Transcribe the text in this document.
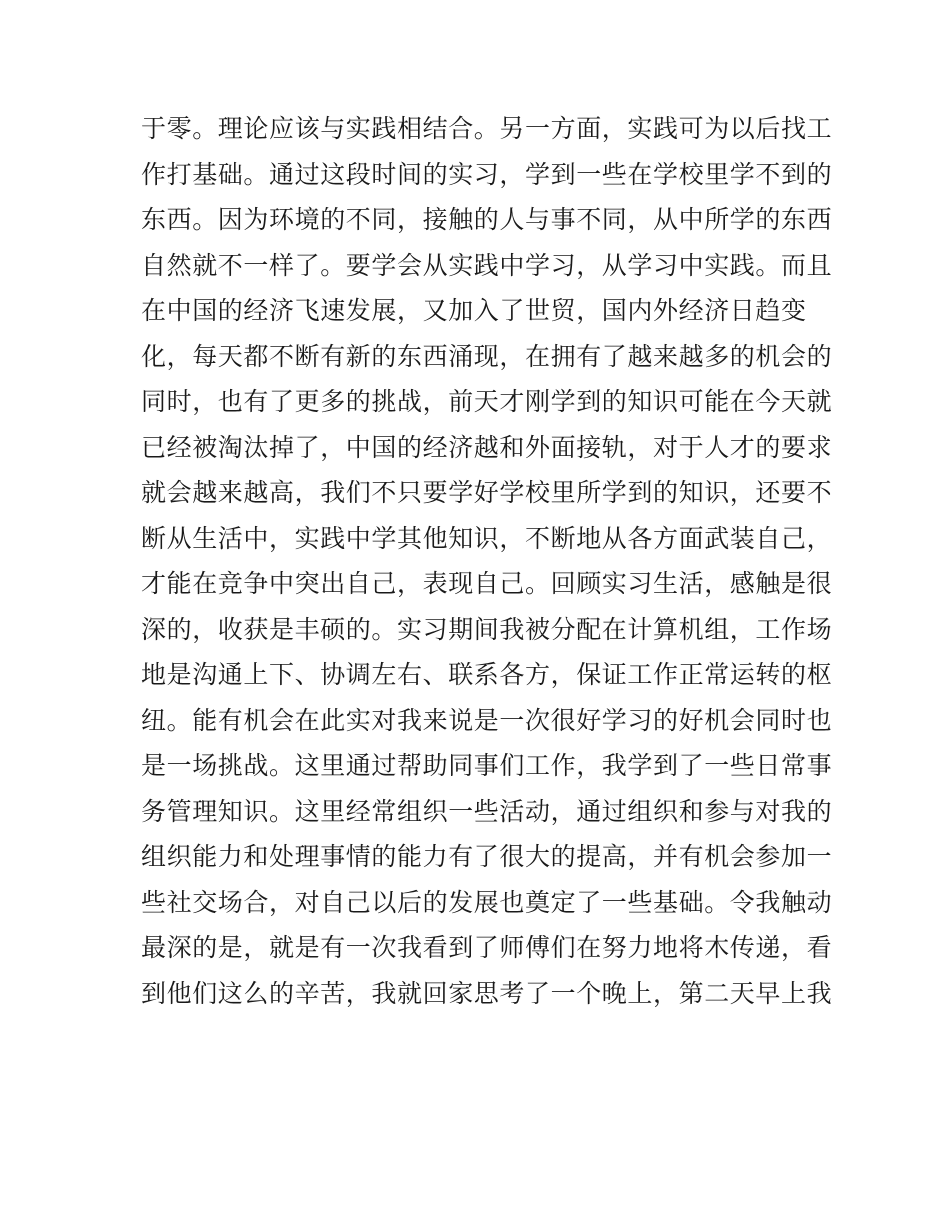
于零。理论应该与实践相结合。另一方面，实践可为以后找工
作打基础。通过这段时间的实习，学到一些在学校里学不到的
东西。因为环境的不同，接触的人与事不同，从中所学的东西
自然就不一样了。要学会从实践中学习，从学习中实践。而且
在中国的经济飞速发展，又加入了世贸，国内外经济日趋变
化，每天都不断有新的东西涌现，在拥有了越来越多的机会的
同时，也有了更多的挑战，前天才刚学到的知识可能在今天就
已经被淘汰掉了，中国的经济越和外面接轨，对于人才的要求
就会越来越高，我们不只要学好学校里所学到的知识，还要不
断从生活中，实践中学其他知识，不断地从各方面武装自己，
才能在竞争中突出自己，表现自己。回顾实习生活，感触是很
深的，收获是丰硕的。实习期间我被分配在计算机组，工作场
地是沟通上下、协调左右、联系各方，保证工作正常运转的枢
纽。能有机会在此实对我来说是一次很好学习的好机会同时也
是一场挑战。这里通过帮助同事们工作，我学到了一些日常事
务管理知识。这里经常组织一些活动，通过组织和参与对我的
组织能力和处理事情的能力有了很大的提高，并有机会参加一
些社交场合，对自己以后的发展也奠定了一些基础。令我触动
最深的是，就是有一次我看到了师傅们在努力地将木传递，看
到他们这么的辛苦，我就回家思考了一个晚上，第二天早上我
